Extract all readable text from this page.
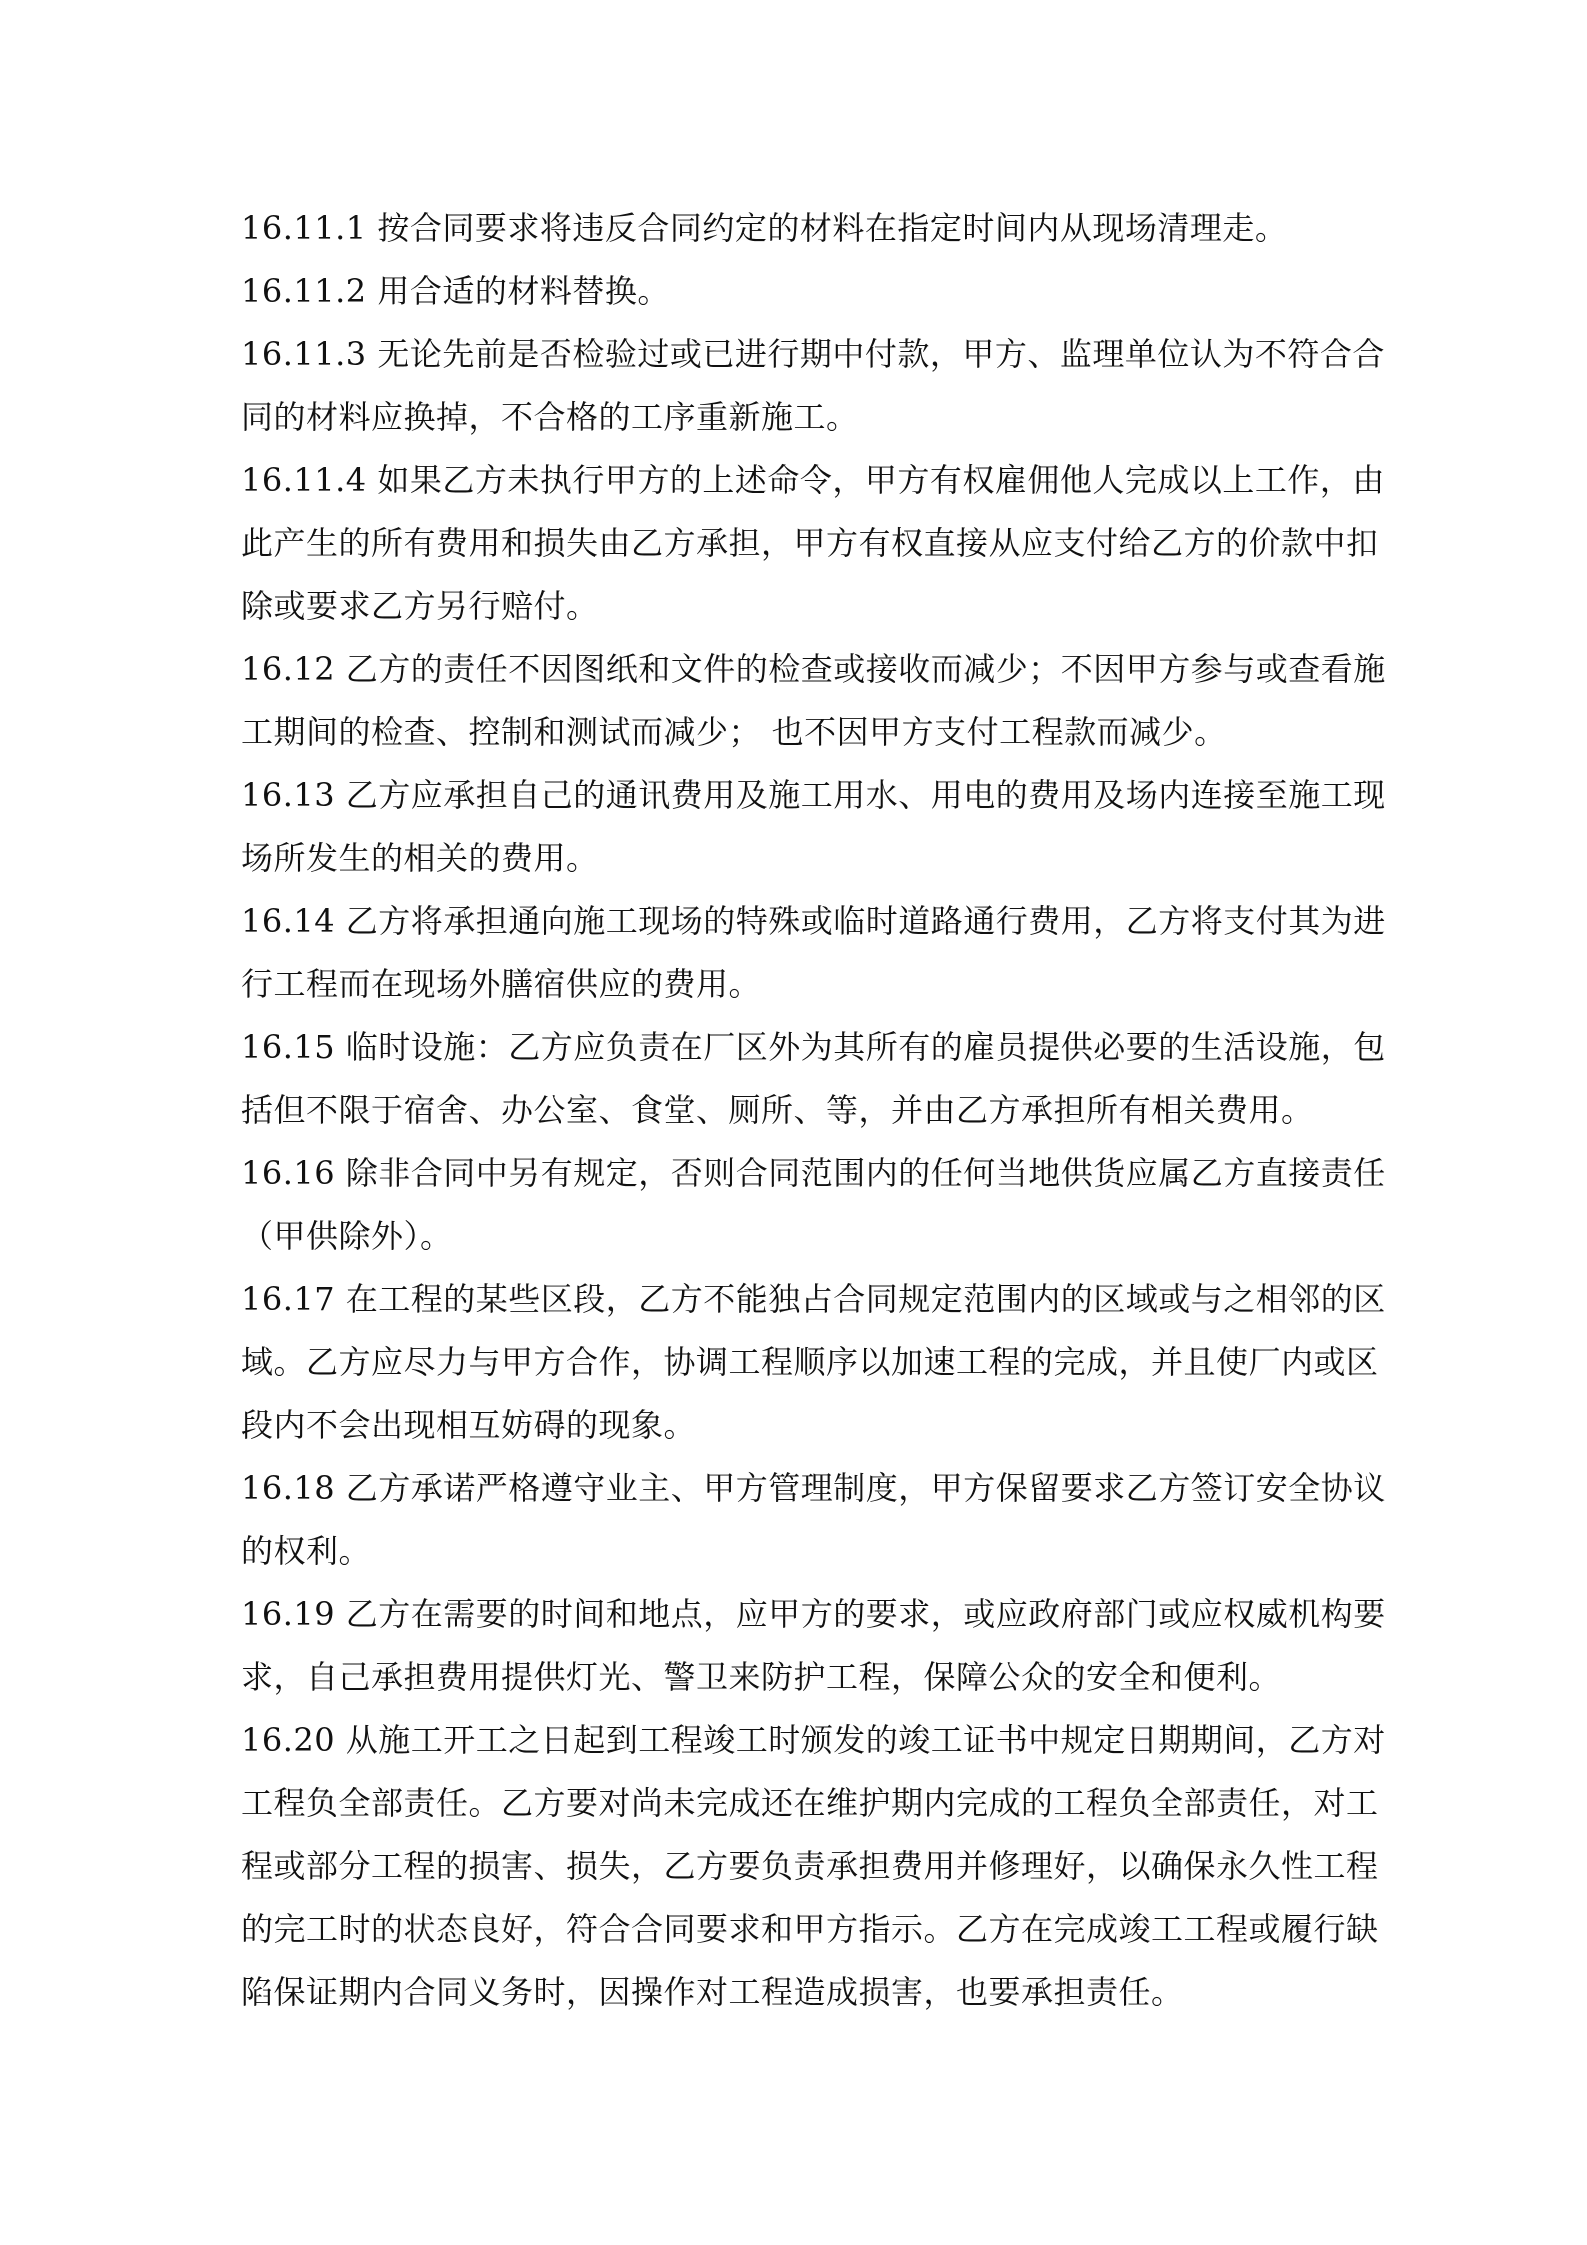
16.11.1 按合同要求将违反合同约定的材料在指定时间内从现场清理走。
16.11.2 用合适的材料替换。
16.11.3 无论先前是否检验过或已进行期中付款，甲方、监理单位认为不符合合
同的材料应换掉，不合格的工序重新施工。
16.11.4 如果乙方未执行甲方的上述命令，甲方有权雇佣他人完成以上工作，由
此产生的所有费用和损失由乙方承担，甲方有权直接从应支付给乙方的价款中扣
除或要求乙方另行赔付。
16.12 乙方的责任不因图纸和文件的检查或接收而减少；不因甲方参与或查看施
工期间的检查、控制和测试而减少； 也不因甲方支付工程款而减少。
16.13 乙方应承担自己的通讯费用及施工用水、用电的费用及场内连接至施工现
场所发生的相关的费用。
16.14 乙方将承担通向施工现场的特殊或临时道路通行费用，乙方将支付其为进
行工程而在现场外膳宿供应的费用。
16.15 临时设施：乙方应负责在厂区外为其所有的雇员提供必要的生活设施，包
括但不限于宿舍、办公室、食堂、厕所、等，并由乙方承担所有相关费用。
16.16 除非合同中另有规定，否则合同范围内的任何当地供货应属乙方直接责任
（甲供除外）。
16.17 在工程的某些区段，乙方不能独占合同规定范围内的区域或与之相邻的区
域。乙方应尽力与甲方合作，协调工程顺序以加速工程的完成，并且使厂内或区
段内不会出现相互妨碍的现象。
16.18 乙方承诺严格遵守业主、甲方管理制度，甲方保留要求乙方签订安全协议
的权利。
16.19 乙方在需要的时间和地点，应甲方的要求，或应政府部门或应权威机构要
求，自己承担费用提供灯光、警卫来防护工程，保障公众的安全和便利。
16.20 从施工开工之日起到工程竣工时颁发的竣工证书中规定日期期间，乙方对
工程负全部责任。乙方要对尚未完成还在维护期内完成的工程负全部责任，对工
程或部分工程的损害、损失，乙方要负责承担费用并修理好，以确保永久性工程
的完工时的状态良好，符合合同要求和甲方指示。乙方在完成竣工工程或履行缺
陷保证期内合同义务时，因操作对工程造成损害，也要承担责任。
